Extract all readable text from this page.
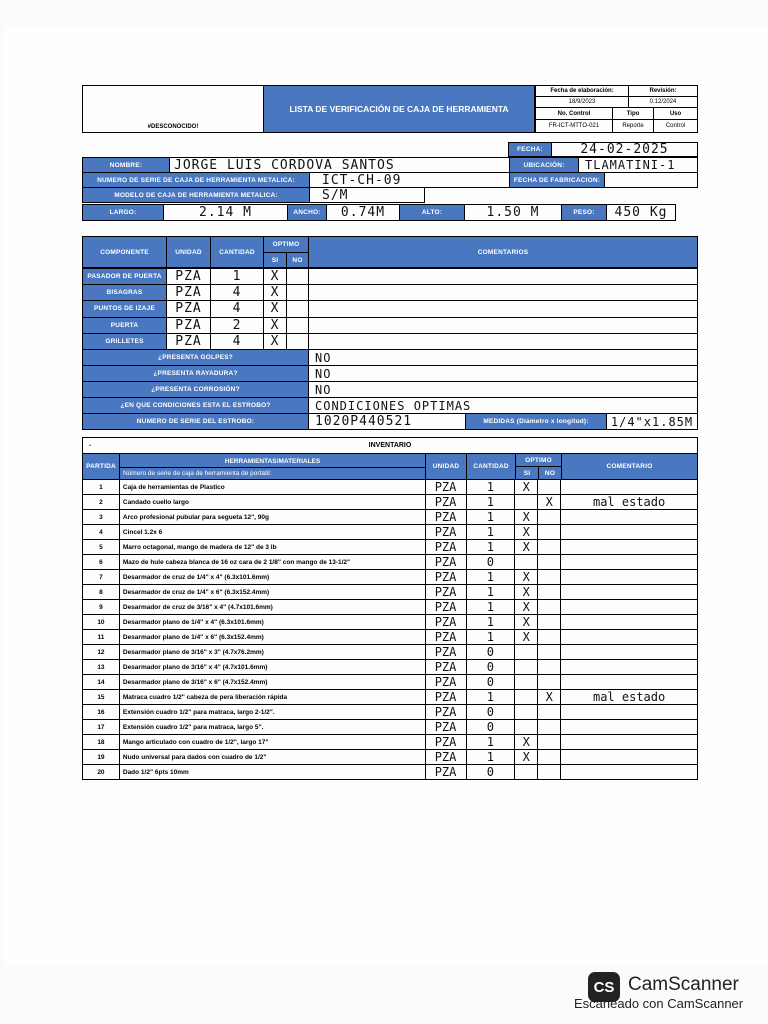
#DESCONOCIDO!
LISTA DE VERIFICACIÓN DE CAJA DE HERRAMIENTA
Fecha de elaboración:	Revisión:
18/9/2023	0.12/2024
No. Control	Tipo	Uso
FR-ICT-MTTO-021	Reporte	Control
FECHA:	24-02-2025
NOMBRE:	JORGE LUIS CORDOVA SANTOS	UBICACIÓN:	TLAMATINI-1
NUMERO DE SERIE DE CAJA DE HERRAMIENTA METALICA:	ICT-CH-09	FECHA DE FABRICACION:
MODELO DE CAJA DE HERRAMIENTA METALICA:	S/M
LARGO:	2.14 M	ANCHO:	0.74M	ALTO:	1.50 M	PESO:	450 Kg
COMPONENTE	UNIDAD	CANTIDAD
OPTIMO
SI	NO
COMENTARIOS
PASADOR DE PUERTA	PZA	1	X
BISAGRAS	PZA	4	X
PUNTOS DE IZAJE	PZA	4	X
PUERTA	PZA	2	X
GRILLETES	PZA	4	X
¿PRESENTA GOLPES?	NO
¿PRESENTA RAYADURA?	NO
¿PRESENTA CORROSIÓN?	NO
¿EN QUE CONDICIONES ESTA EL ESTROBO?	CONDICIONES OPTIMAS
NUMERO DE SERIE DEL ESTROBO:	1020P440521	MEDIDAS (Diámetro x longitud):	1/4"x1.85M
.	INVENTARIO
PARTIDA
HERRAMIENTAS/MATERIALES
Número de serie de caja de herramienta de portatil:
UNIDAD	CANTIDAD
OPTIMO
SI	NO
COMENTARIO
1	Caja de herramientas de Plastico	PZA	1	X		
2	Candado cuello largo	PZA	1		X	mal estado
3	Arco profesional pubular para segueta 12", 90g	PZA	1	X		
4	Cincel 1.2x 6	PZA	1	X		
5	Marro octagonal, mango de madera de 12" de 3 lb	PZA	1	X		
6	Mazo de hule cabeza blanca de 16 oz cara de 2 1/8" con mango de 13-1/2"	PZA	0			
7	Desarmador de cruz de 1/4" x 4" (6.3x101.6mm)	PZA	1	X		
8	Desarmador de cruz de 1/4" x 6" (6.3x152.4mm)	PZA	1	X		
9	Desarmador de cruz de 3/16" x 4" (4.7x101.6mm)	PZA	1	X		
10	Desarmador plano de 1/4" x 4" (6.3x101.6mm)	PZA	1	X		
11	Desarmador plano de 1/4" x 6" (6.3x152.4mm)	PZA	1	X		
12	Desarmador plano de 3/16" x 3" (4.7x76.2mm)	PZA	0			
13	Desarmador plano de 3/16" x 4" (4.7x101.6mm)	PZA	0			
14	Desarmador plano de 3/16" x 6" (4.7x152.4mm)	PZA	0			
15	Matraca cuadro 1/2" cabeza de pera liberación rápida	PZA	1		X	mal estado
16	Extensión cuadro 1/2" para matraca, largo 2-1/2".	PZA	0			
17	Extensión cuadro 1/2" para matraca, largo 5".	PZA	0			
18	Mango articulado con cuadro de 1/2", largo 17"	PZA	1	X		
19	Nudo universal para dados con cuadro de 1/2"	PZA	1	X		
20	Dado 1/2" 6pts 10mm	PZA	0			
CS CamScanner
Escaneado con CamScanner
